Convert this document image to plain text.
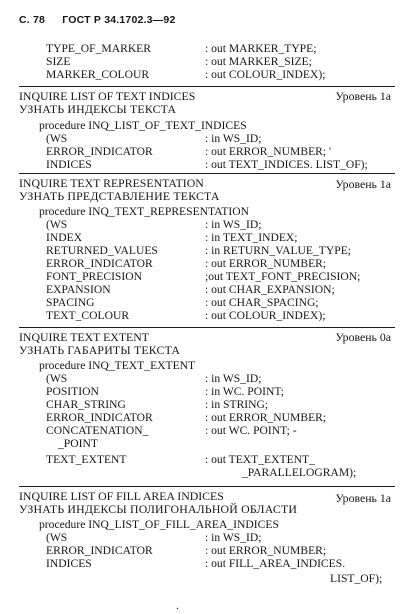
С. 78 ГОСТ Р 34.1702.3—92
TYPE_OF_MARKER	: out MARKER_TYPE;
SIZE	: out MARKER_SIZE;
MARKER_COLOUR	: out COLOUR_INDEX);
INQUIRE LIST OF TEXT INDICES	Уровень 1a
УЗНАТЬ ИНДЕКСЫ ТЕКСТА
procedure INQ_LIST_OF_TEXT_INDICES
(WS	: in WS_ID;
ERROR_INDICATOR	: out ERROR_NUMBER; '
INDICES	: out TEXT_INDICES. LIST_OF);
INQUIRE TEXT REPRESENTATION	Уровень 1a
УЗНАТЬ ПРЕДСТАВЛЕНИЕ ТЕКСТА
procedure INQ_TEXT_REPRESENTATION
(WS	: in WS_ID;
INDEX	: in TEXT_INDEX;
RETURNED_VALUES	: in RETURN_VALUE_TYPE;
ERROR_INDICATOR	: out ERROR_NUMBER;
FONT_PRECISION	;out TEXT_FONT_PRECISION;
EXPANSION	: out CHAR_EXPANSION;
SPACING	: out CHAR_SPACING;
TEXT_COLOUR	: out COLOUR_INDEX);
INQUIRE TEXT EXTENT	Уровень 0a
УЗНАТЬ ГАБАРИТЫ ТЕКСТА
procedure INQ_TEXT_EXTENT
(WS	: in WS_ID;
POSITION	: in WC. POINT;
CHAR_STRING	: in STRING;
ERROR_INDICATOR	: out ERROR_NUMBER;
CONCATENATION_	: out WC. POINT; -
_POINT
TEXT_EXTENT	: out TEXT_EXTENT_
_PARALLELOGRAM);
INQUIRE LIST OF FILL AREA INDICES	Уровень 1a
УЗНАТЬ ИНДЕКСЫ ПОЛИГОНАЛЬНОЙ ОБЛАСТИ
procedure INQ_LIST_OF_FILL_AREA_INDICES
(WS	: in WS_ID;
ERROR_INDICATOR	: out ERROR_NUMBER;
INDICES	: out FILL_AREA_INDICES.
LIST_OF);
.
